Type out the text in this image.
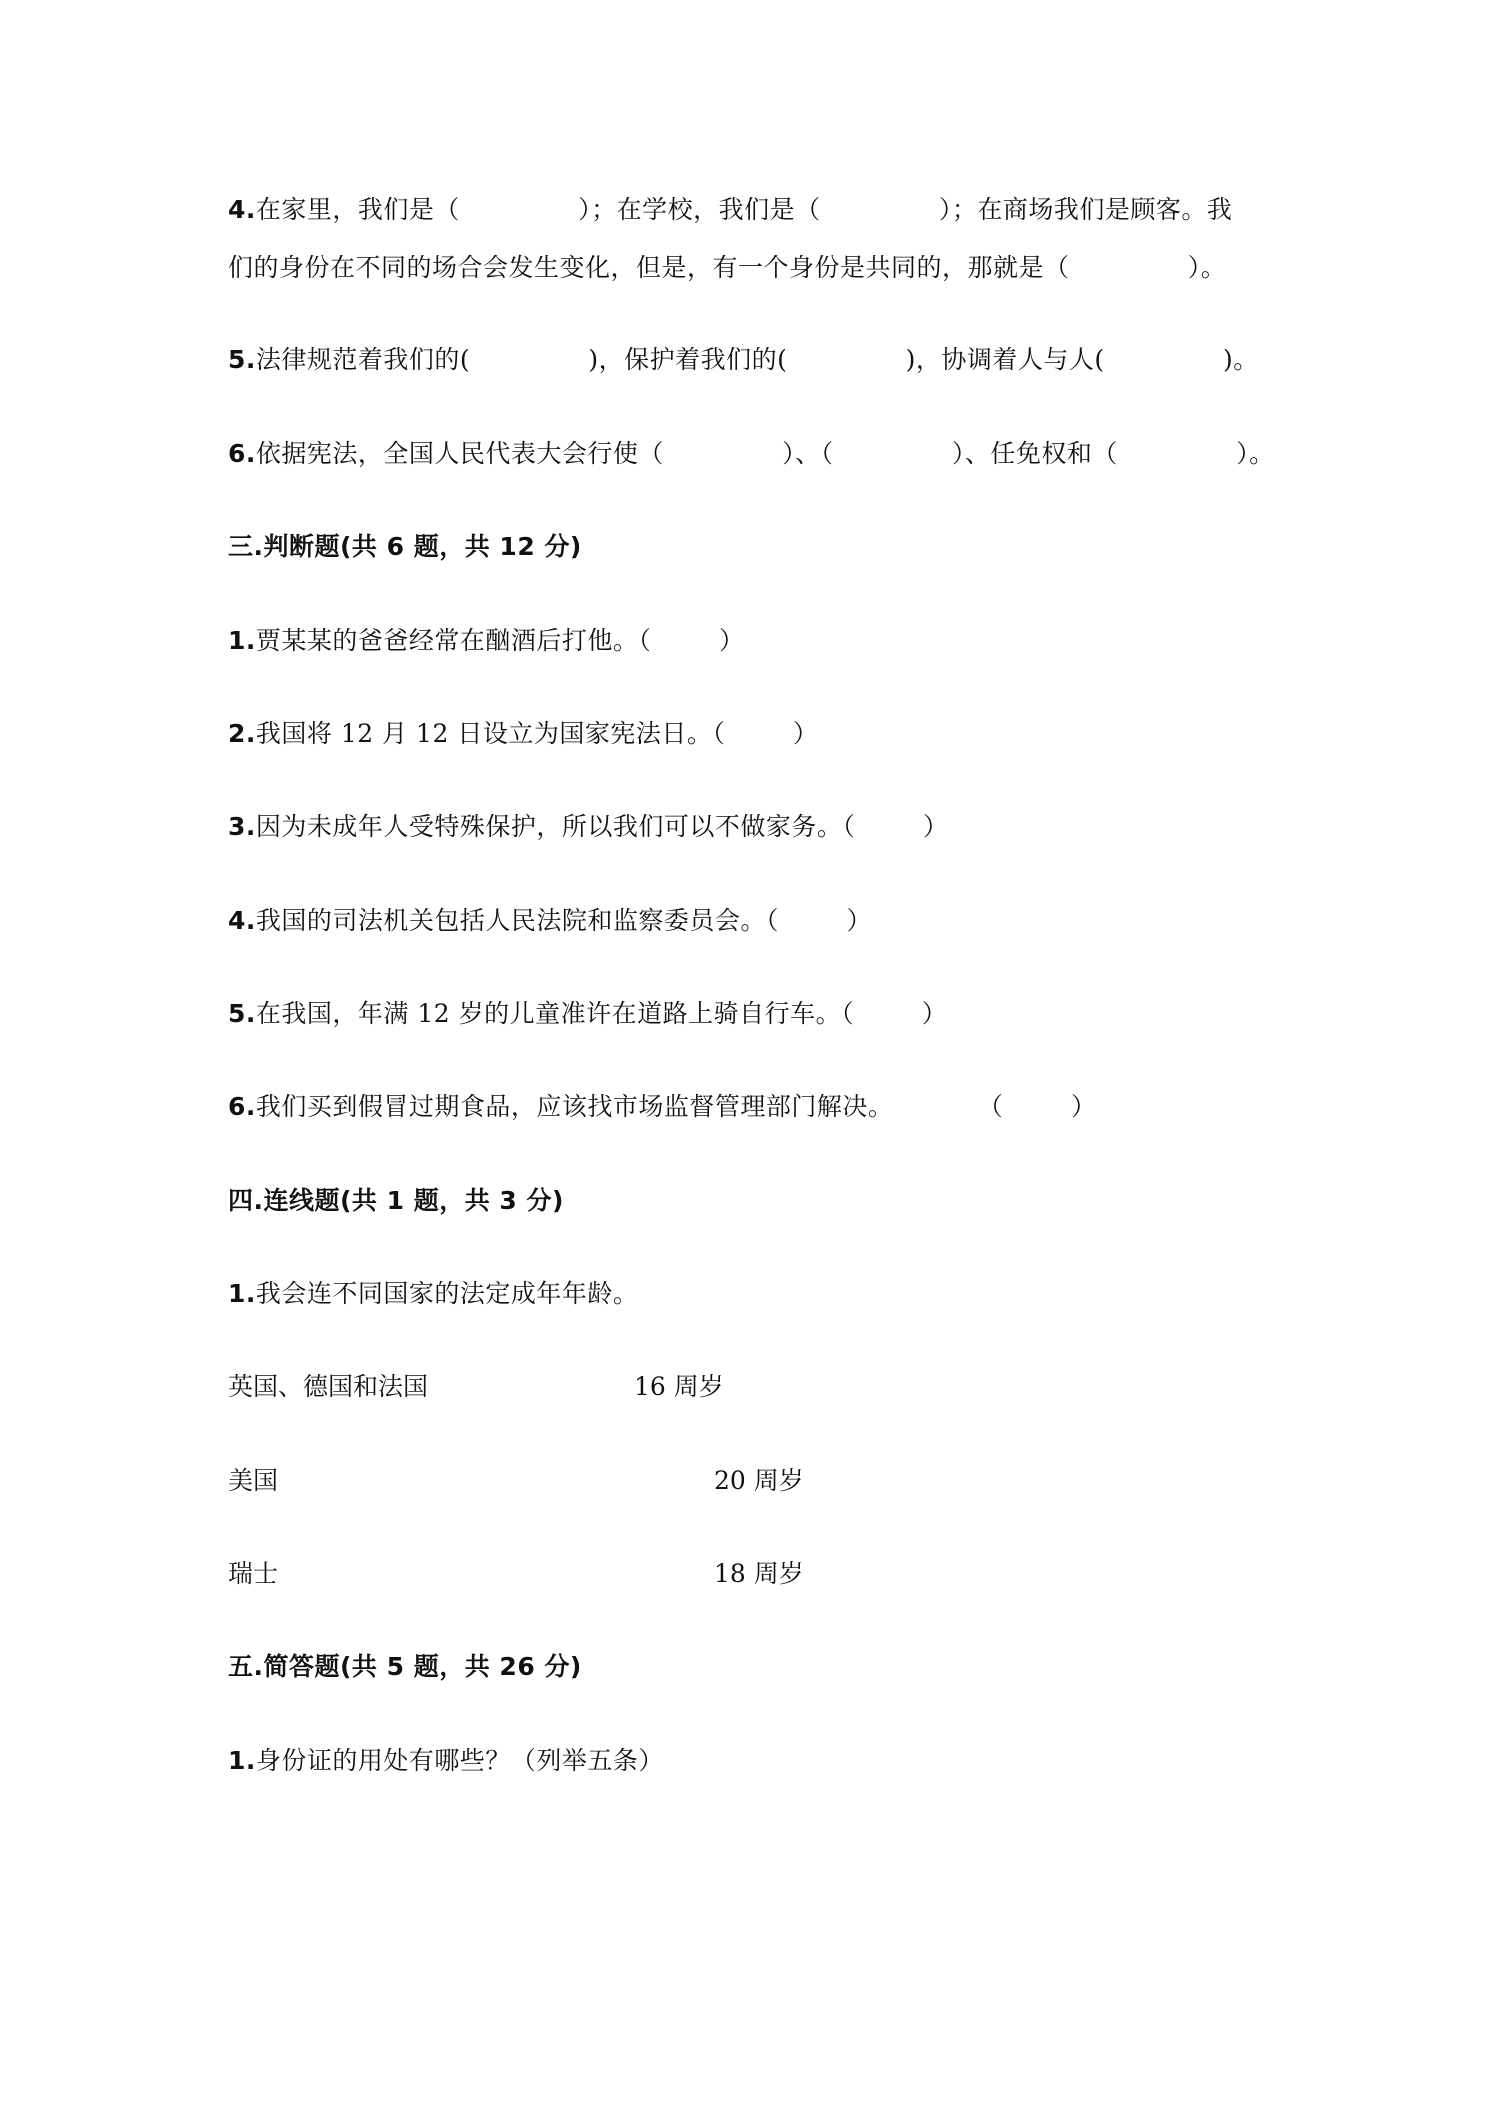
4.在家里，我们是（              ）；在学校，我们是（              ）；在商场我们是顾客。我
们的身份在不同的场合会发生变化，但是，有一个身份是共同的，那就是（              ）。
5.法律规范着我们的(              )，保护着我们的(              )，协调着人与人(              )。
6.依据宪法，全国人民代表大会行使（              ）、（              ）、任免权和（              ）。
三.判断题(共 6 题，共 12 分)
1.贾某某的爸爸经常在酗酒后打他。（        ）
2.我国将 12 月 12 日设立为国家宪法日。（        ）
3.因为未成年人受特殊保护，所以我们可以不做家务。（        ）
4.我国的司法机关包括人民法院和监察委员会。（        ）
5.在我国，年满 12 岁的儿童准许在道路上骑自行车。（        ）
6.我们买到假冒过期食品，应该找市场监督管理部门解决。          （        ）
四.连线题(共 1 题，共 3 分)
1.我会连不同国家的法定成年年龄。
英国、德国和法国	16 周岁
美国	20 周岁
瑞士	18 周岁
五.简答题(共 5 题，共 26 分)
1.身份证的用处有哪些？（列举五条）
